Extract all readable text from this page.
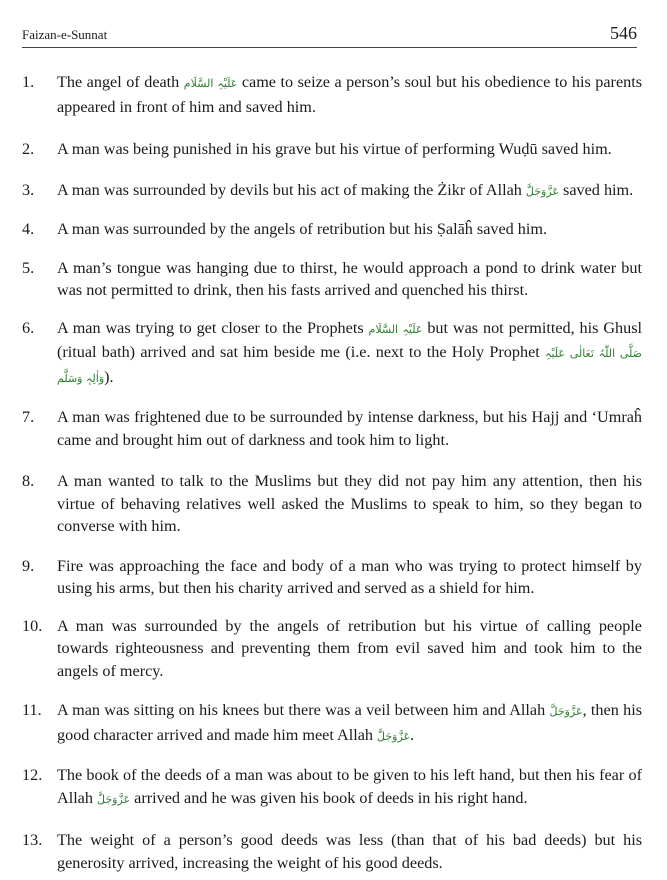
Faizan-e-Sunnat	546
1.	The angel of death عَلَیْہِ السَّلَام came to seize a person’s soul but his obedience to his parents appeared in front of him and saved him.
2.	A man was being punished in his grave but his virtue of performing Wuḍū saved him.
3.	A man was surrounded by devils but his act of making the Żikr of Allah عَزَّوَجَلَّ saved him.
4.	A man was surrounded by the angels of retribution but his Ṣalāĥ saved him.
5.	A man’s tongue was hanging due to thirst, he would approach a pond to drink water but was not permitted to drink, then his fasts arrived and quenched his thirst.
6.	A man was trying to get closer to the Prophets عَلَیْہِ السَّلَام but was not permitted, his Ghusl (ritual bath) arrived and sat him beside me (i.e. next to the Holy Prophet صَلَّی اللّٰہُ تَعَالٰی عَلَیْہِ وَاٰلِہٖ وَسَلَّم).
7.	A man was frightened due to be surrounded by intense darkness, but his Hajj and ‘Umraĥ came and brought him out of darkness and took him to light.
8.	A man wanted to talk to the Muslims but they did not pay him any attention, then his virtue of behaving relatives well asked the Muslims to speak to him, so they began to converse with him.
9.	Fire was approaching the face and body of a man who was trying to protect himself by using his arms, but then his charity arrived and served as a shield for him.
10. A man was surrounded by the angels of retribution but his virtue of calling people towards righteousness and preventing them from evil saved him and took him to the angels of mercy.
11. A man was sitting on his knees but there was a veil between him and Allah عَزَّوَجَلَّ, then his good character arrived and made him meet Allah عَزَّوَجَلَّ.
12. The book of the deeds of a man was about to be given to his left hand, but then his fear of Allah عَزَّوَجَلَّ arrived and he was given his book of deeds in his right hand.
13. The weight of a person’s good deeds was less (than that of his bad deeds) but his generosity arrived, increasing the weight of his good deeds.
